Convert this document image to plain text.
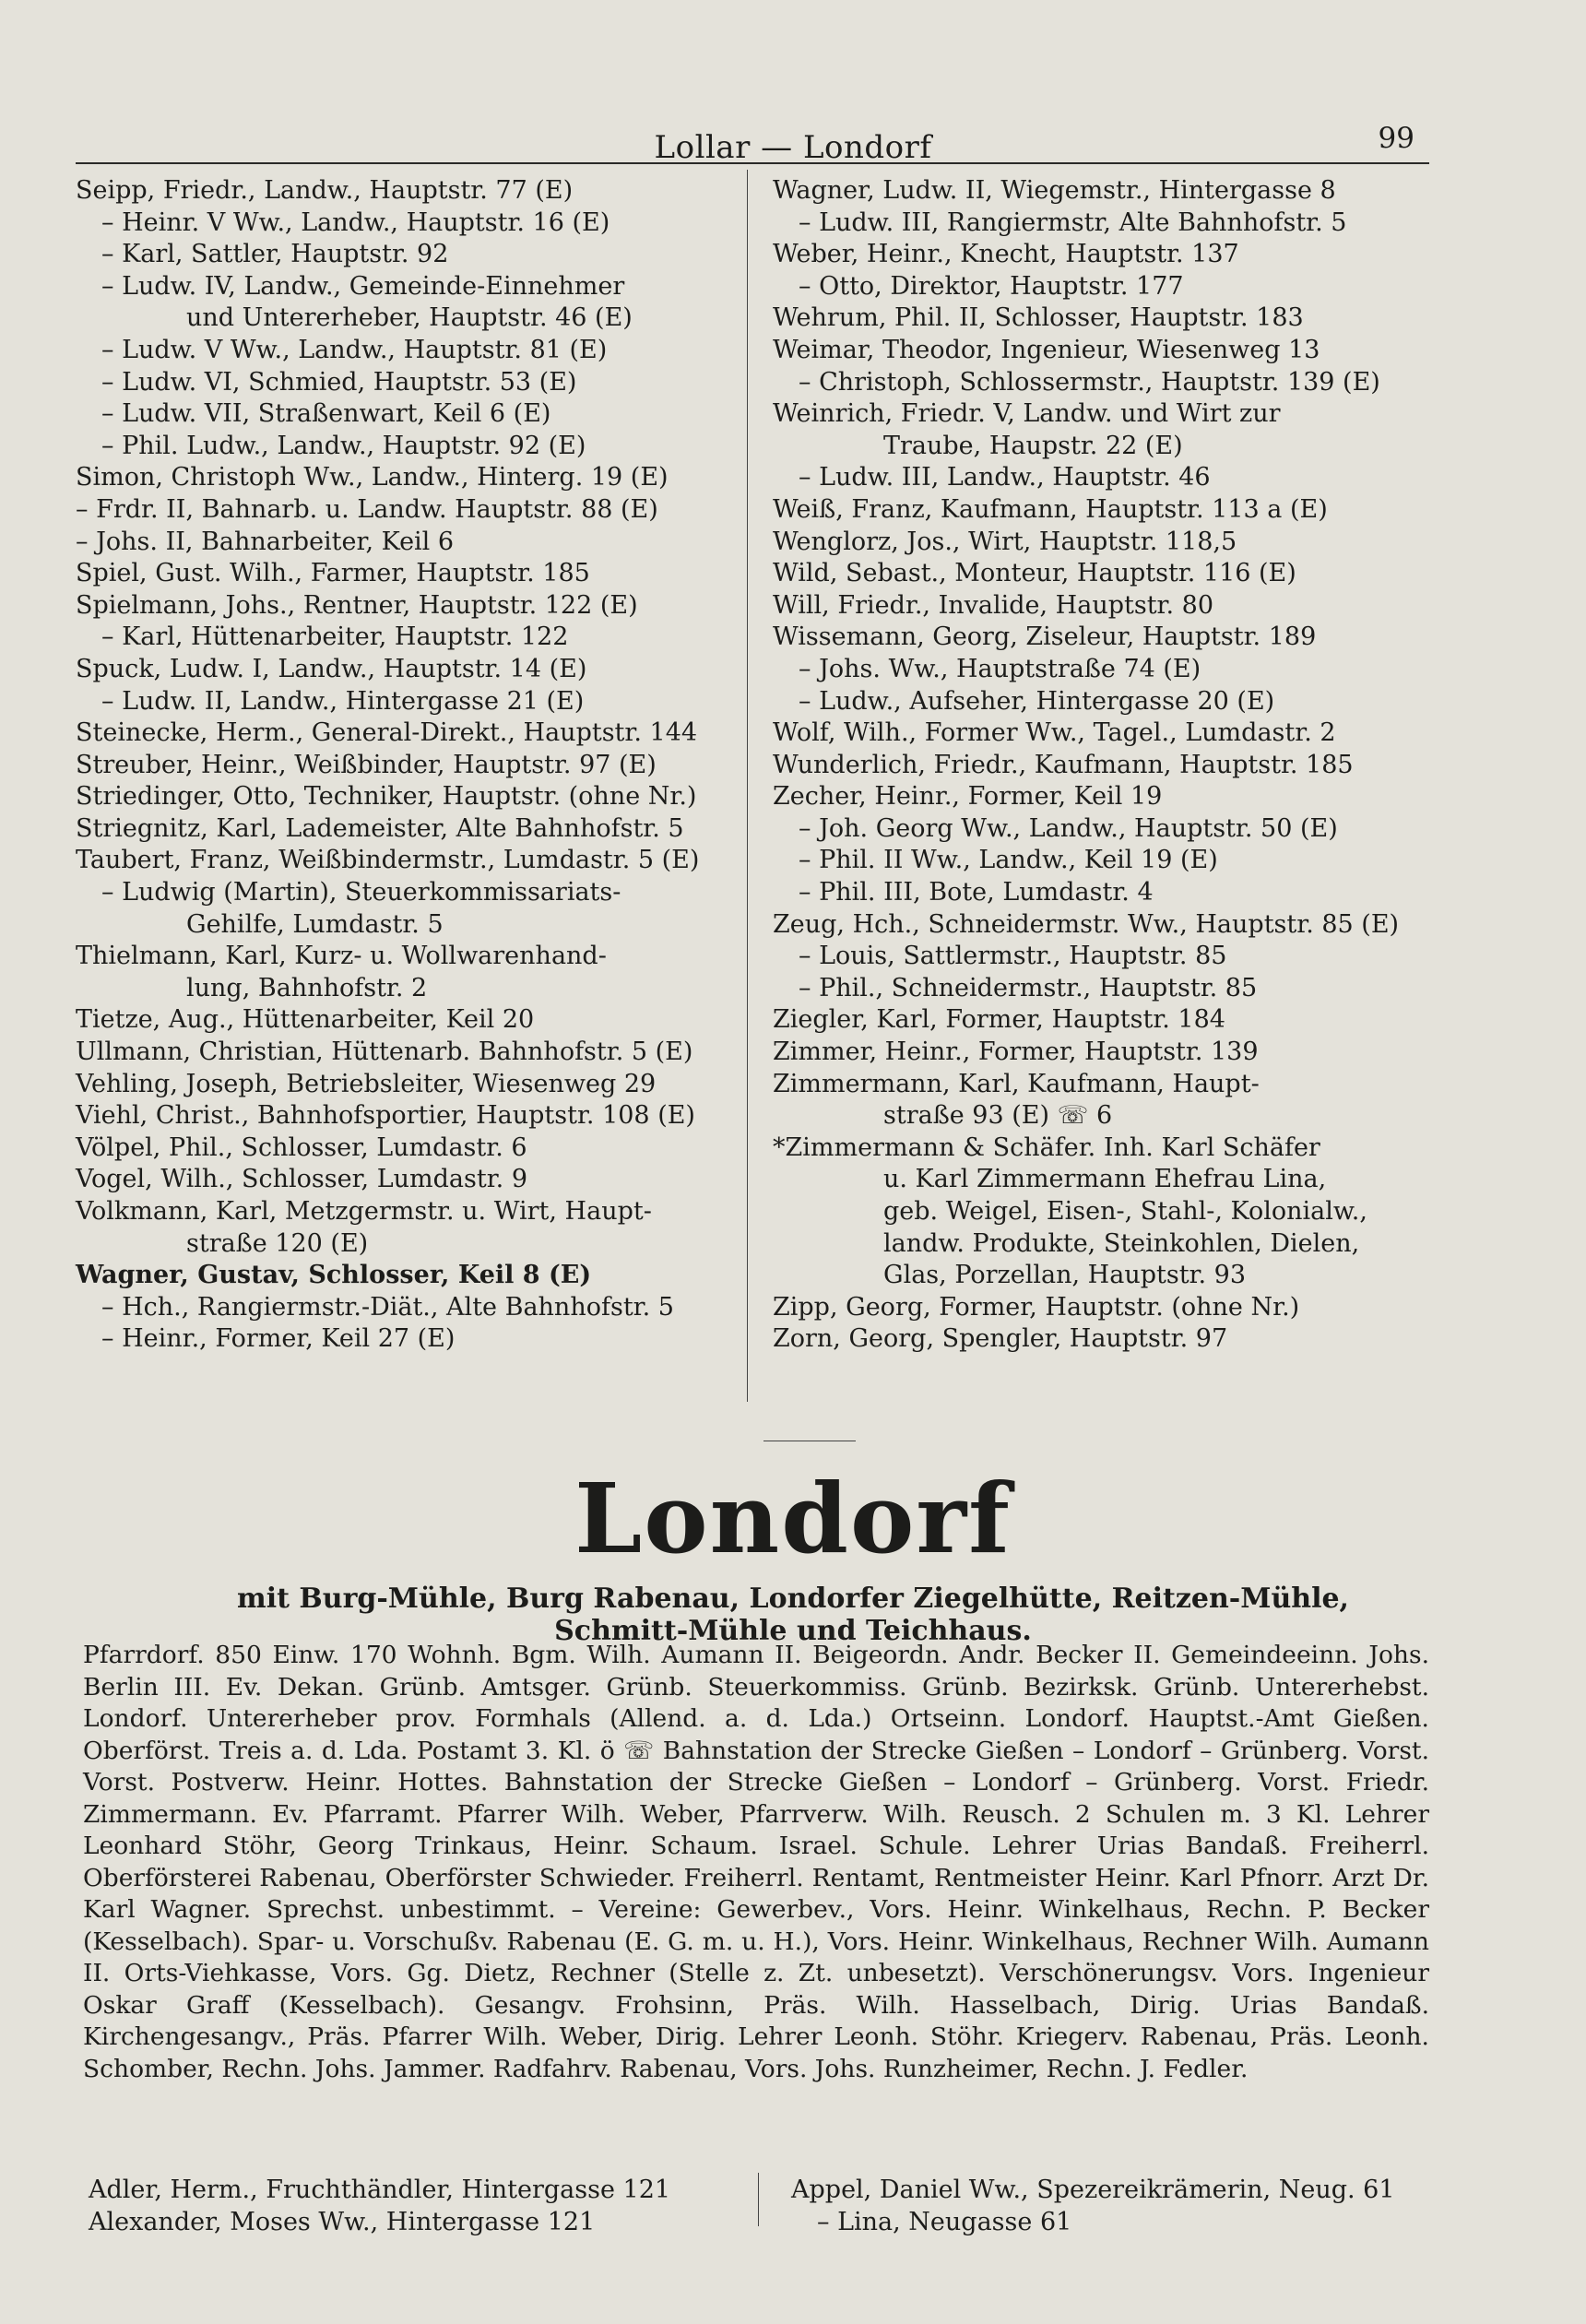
Lollar — Londorf	99
Seipp, Friedr., Landw., Hauptstr. 77 (E)
– Heinr. V Ww., Landw., Hauptstr. 16 (E)
– Karl, Sattler, Hauptstr. 92
– Ludw. IV, Landw., Gemeinde-Einnehmer
und Untererheber, Hauptstr. 46 (E)
– Ludw. V Ww., Landw., Hauptstr. 81 (E)
– Ludw. VI, Schmied, Hauptstr. 53 (E)
– Ludw. VII, Straßenwart, Keil 6 (E)
– Phil. Ludw., Landw., Hauptstr. 92 (E)
Simon, Christoph Ww., Landw., Hinterg. 19 (E)
– Frdr. II, Bahnarb. u. Landw. Hauptstr. 88 (E)
– Johs. II, Bahnarbeiter, Keil 6
Spiel, Gust. Wilh., Farmer, Hauptstr. 185
Spielmann, Johs., Rentner, Hauptstr. 122 (E)
– Karl, Hüttenarbeiter, Hauptstr. 122
Spuck, Ludw. I, Landw., Hauptstr. 14 (E)
– Ludw. II, Landw., Hintergasse 21 (E)
Steinecke, Herm., General-Direkt., Hauptstr. 144
Streuber, Heinr., Weißbinder, Hauptstr. 97 (E)
Striedinger, Otto, Techniker, Hauptstr. (ohne Nr.)
Striegnitz, Karl, Lademeister, Alte Bahnhofstr. 5
Taubert, Franz, Weißbindermstr., Lumdastr. 5 (E)
– Ludwig (Martin), Steuerkommissariats-
Gehilfe, Lumdastr. 5
Thielmann, Karl, Kurz- u. Wollwarenhand-
lung, Bahnhofstr. 2
Tietze, Aug., Hüttenarbeiter, Keil 20
Ullmann, Christian, Hüttenarb. Bahnhofstr. 5 (E)
Vehling, Joseph, Betriebsleiter, Wiesenweg 29
Viehl, Christ., Bahnhofsportier, Hauptstr. 108 (E)
Völpel, Phil., Schlosser, Lumdastr. 6
Vogel, Wilh., Schlosser, Lumdastr. 9
Volkmann, Karl, Metzgermstr. u. Wirt, Haupt-
straße 120 (E)
Wagner, Gustav, Schlosser, Keil 8 (E)
– Hch., Rangiermstr.-Diät., Alte Bahnhofstr. 5
– Heinr., Former, Keil 27 (E)
Wagner, Ludw. II, Wiegemstr., Hintergasse 8
– Ludw. III, Rangiermstr, Alte Bahnhofstr. 5
Weber, Heinr., Knecht, Hauptstr. 137
– Otto, Direktor, Hauptstr. 177
Wehrum, Phil. II, Schlosser, Hauptstr. 183
Weimar, Theodor, Ingenieur, Wiesenweg 13
– Christoph, Schlossermstr., Hauptstr. 139 (E)
Weinrich, Friedr. V, Landw. und Wirt zur
Traube, Haupstr. 22 (E)
– Ludw. III, Landw., Hauptstr. 46
Weiß, Franz, Kaufmann, Hauptstr. 113 a (E)
Wenglorz, Jos., Wirt, Hauptstr. 118,5
Wild, Sebast., Monteur, Hauptstr. 116 (E)
Will, Friedr., Invalide, Hauptstr. 80
Wissemann, Georg, Ziseleur, Hauptstr. 189
– Johs. Ww., Hauptstraße 74 (E)
– Ludw., Aufseher, Hintergasse 20 (E)
Wolf, Wilh., Former Ww., Tagel., Lumdastr. 2
Wunderlich, Friedr., Kaufmann, Hauptstr. 185
Zecher, Heinr., Former, Keil 19
– Joh. Georg Ww., Landw., Hauptstr. 50 (E)
– Phil. II Ww., Landw., Keil 19 (E)
– Phil. III, Bote, Lumdastr. 4
Zeug, Hch., Schneidermstr. Ww., Hauptstr. 85 (E)
– Louis, Sattlermstr., Hauptstr. 85
– Phil., Schneidermstr., Hauptstr. 85
Ziegler, Karl, Former, Hauptstr. 184
Zimmer, Heinr., Former, Hauptstr. 139
Zimmermann, Karl, Kaufmann, Haupt-
straße 93 (E) ☏ 6
*Zimmermann & Schäfer. Inh. Karl Schäfer
u. Karl Zimmermann Ehefrau Lina,
geb. Weigel, Eisen-, Stahl-, Kolonialw.,
landw. Produkte, Steinkohlen, Dielen,
Glas, Porzellan, Hauptstr. 93
Zipp, Georg, Former, Hauptstr. (ohne Nr.)
Zorn, Georg, Spengler, Hauptstr. 97
Londorf
mit Burg-Mühle, Burg Rabenau, Londorfer Ziegelhütte, Reitzen-Mühle,
Schmitt-Mühle und Teichhaus.
Pfarrdorf. 850 Einw. 170 Wohnh. Bgm. Wilh. Aumann II. Beigeordn. Andr. Becker II. Gemeindeeinn. Johs. Berlin III. Ev. Dekan. Grünb. Amtsger. Grünb. Steuerkommiss. Grünb. Bezirksk. Grünb. Untererhebst. Londorf. Untererheber prov. Formhals (Allend. a. d. Lda.) Ortseinn. Londorf. Hauptst.-Amt Gießen. Oberförst. Treis a. d. Lda. Postamt 3. Kl. ö ☏ Bahnstation der Strecke Gießen – Londorf – Grünberg. Vorst. Vorst. Postverw. Heinr. Hottes. Bahnstation der Strecke Gießen – Londorf – Grünberg. Vorst. Friedr. Zimmermann. Ev. Pfarramt. Pfarrer Wilh. Weber, Pfarrverw. Wilh. Reusch. 2 Schulen m. 3 Kl. Lehrer Leonhard Stöhr, Georg Trinkaus, Heinr. Schaum. Israel. Schule. Lehrer Urias Bandaß. Freiherrl. Oberförsterei Rabenau, Oberförster Schwieder. Freiherrl. Rentamt, Rentmeister Heinr. Karl Pfnorr. Arzt Dr. Karl Wagner. Sprechst. unbestimmt. – Vereine: Gewerbev., Vors. Heinr. Winkelhaus, Rechn. P. Becker (Kesselbach). Spar- u. Vorschußv. Rabenau (E. G. m. u. H.), Vors. Heinr. Winkelhaus, Rechner Wilh. Aumann II. Orts-Viehkasse, Vors. Gg. Dietz, Rechner (Stelle z. Zt. unbesetzt). Verschönerungsv. Vors. Ingenieur Oskar Graff (Kesselbach). Gesangv. Frohsinn, Präs. Wilh. Hasselbach, Dirig. Urias Bandaß. Kirchengesangv., Präs. Pfarrer Wilh. Weber, Dirig. Lehrer Leonh. Stöhr. Kriegerv. Rabenau, Präs. Leonh. Schomber, Rechn. Johs. Jammer. Radfahrv. Rabenau, Vors. Johs. Runzheimer, Rechn. J. Fedler.
Adler, Herm., Fruchthändler, Hintergasse 121
Alexander, Moses Ww., Hintergasse 121
Appel, Daniel Ww., Spezereikrämerin, Neug. 61
– Lina, Neugasse 61
